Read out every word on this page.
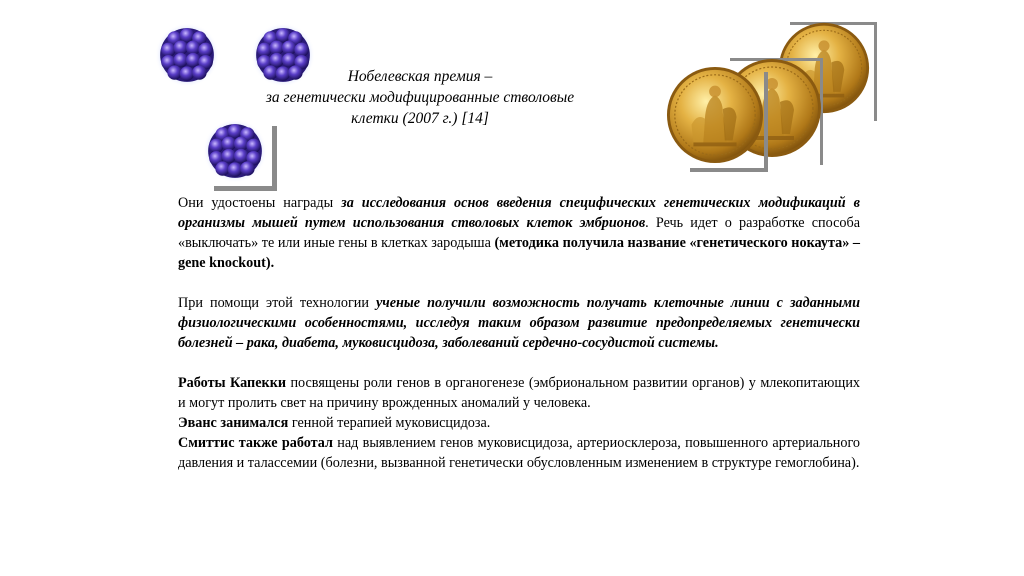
Нобелевская премия –
за генетически модифицированные стволовые
клетки (2007 г.) [14]

Они удостоены награды за исследования основ введения специфических генетических модификаций в организмы мышей путем использования стволовых клеток эмбрионов. Речь идет о разработке способа «выключать» те или иные гены в клетках зародыша (методика получила название «генетического нокаута» – gene knockout).

При помощи этой технологии ученые получили возможность получать клеточные линии с заданными физиологическими особенностями, исследуя таким образом развитие предопределяемых генетически болезней – рака, диабета, муковисцидоза, заболеваний сердечно-сосудистой системы.

Работы Капекки посвящены роли генов в органогенезе (эмбриональном развитии органов) у млекопитающих и могут пролить свет на причину врожденных аномалий у человека.

Эванс занимался генной терапией муковисцидоза.

Смиттис также работал над выявлением генов муковисцидоза, артериосклероза, повышенного артериального давления и талассемии (болезни, вызванной генетически обусловленным изменением в структуре гемоглобина).
